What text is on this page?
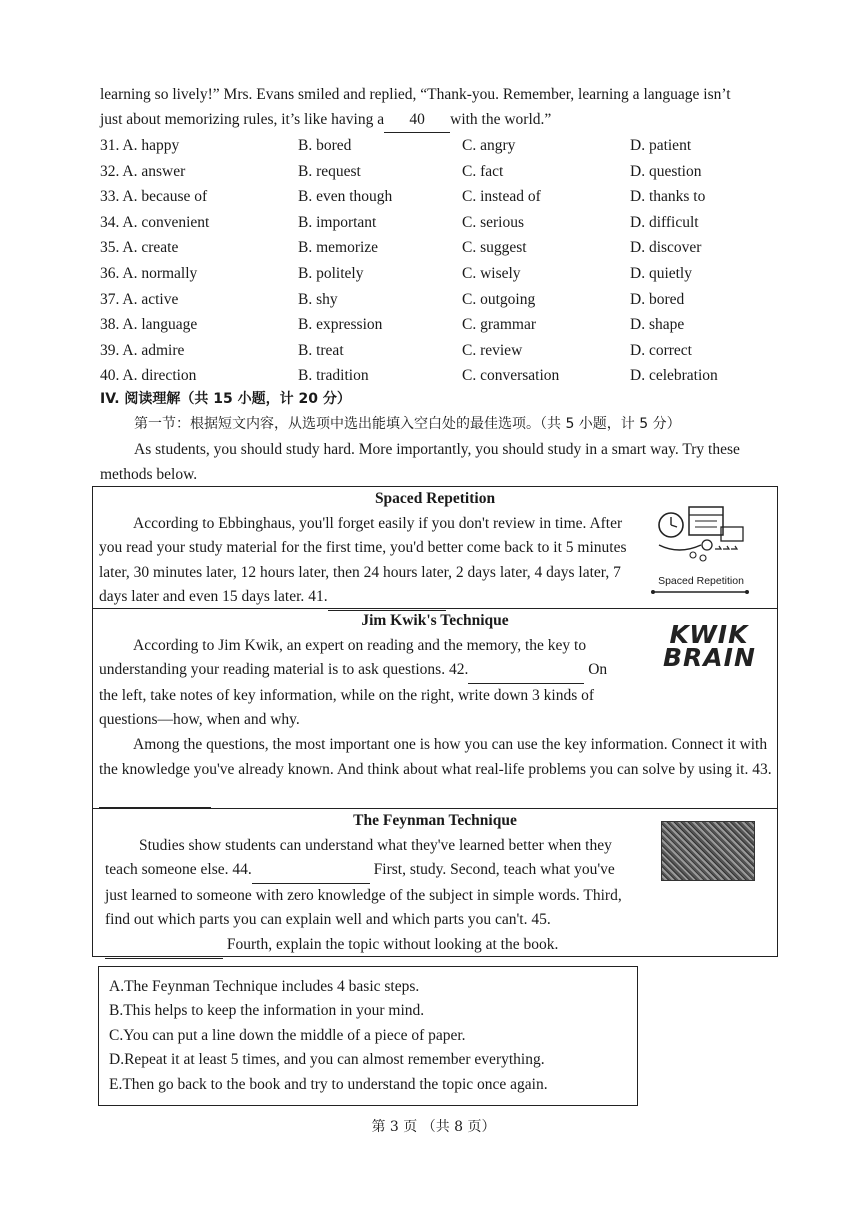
learning so lively!” Mrs. Evans smiled and replied, “Thank-you. Remember, learning a language isn’t
just about memorizing rules, it’s like having a 40 with the world.”
31. A. happy	B. bored	C. angry	D. patient
32. A. answer	B. request	C. fact	D. question
33. A. because of	B. even though	C. instead of	D. thanks to
34. A. convenient	B. important	C. serious	D. difficult
35. A. create	B. memorize	C. suggest	D. discover
36. A. normally	B. politely	C. wisely	D. quietly
37. A. active	B. shy	C. outgoing	D. bored
38. A. language	B. expression	C. grammar	D. shape
39. A. admire	B. treat	C. review	D. correct
40. A. direction	B. tradition	C. conversation	D. celebration
IV. 阅读理解（共 15 小题，计 20 分）
第一节：根据短文内容，从选项中选出能填入空白处的最佳选项。（共 5 小题，计 5 分）
As students, you should study hard. More importantly, you should study in a smart way. Try these methods below.
Spaced Repetition

According to Ebbinghaus, you'll forget easily if you don't review in time. After you read your study material for the first time, you'd better come back to it 5 minutes later, 30 minutes later, 12 hours later, then 24 hours later, 2 days later, 4 days later, 7 days later and even 15 days later. 41.

Spaced Repetition
Jim Kwik's Technique

According to Jim Kwik, an expert on reading and the memory, the key to understanding your reading material is to ask questions. 42.	On the left, take notes of key information, while on the right, write down 3 kinds of questions—how, when and why.

Among the questions, the most important one is how you can use the key information. Connect it with the knowledge you've already known. And think about what real-life problems you can solve by using it. 43.

KWIK
BRAIN
The Feynman Technique

Studies show students can understand what they've learned better when they teach someone else. 44.	First, study. Second, teach what you've just learned to someone with zero knowledge of the subject in simple words. Third, find out which parts you can explain well and which parts you can't. 45. Fourth, explain the topic without looking at the book.

A.The Feynman Technique includes 4 basic steps.
B.This helps to keep the information in your mind.
C.You can put a line down the middle of a piece of paper.
D.Repeat it at least 5 times, and you can almost remember everything.
E.Then go back to the book and try to understand the topic once again.
第 3 页 （共 8 页）
